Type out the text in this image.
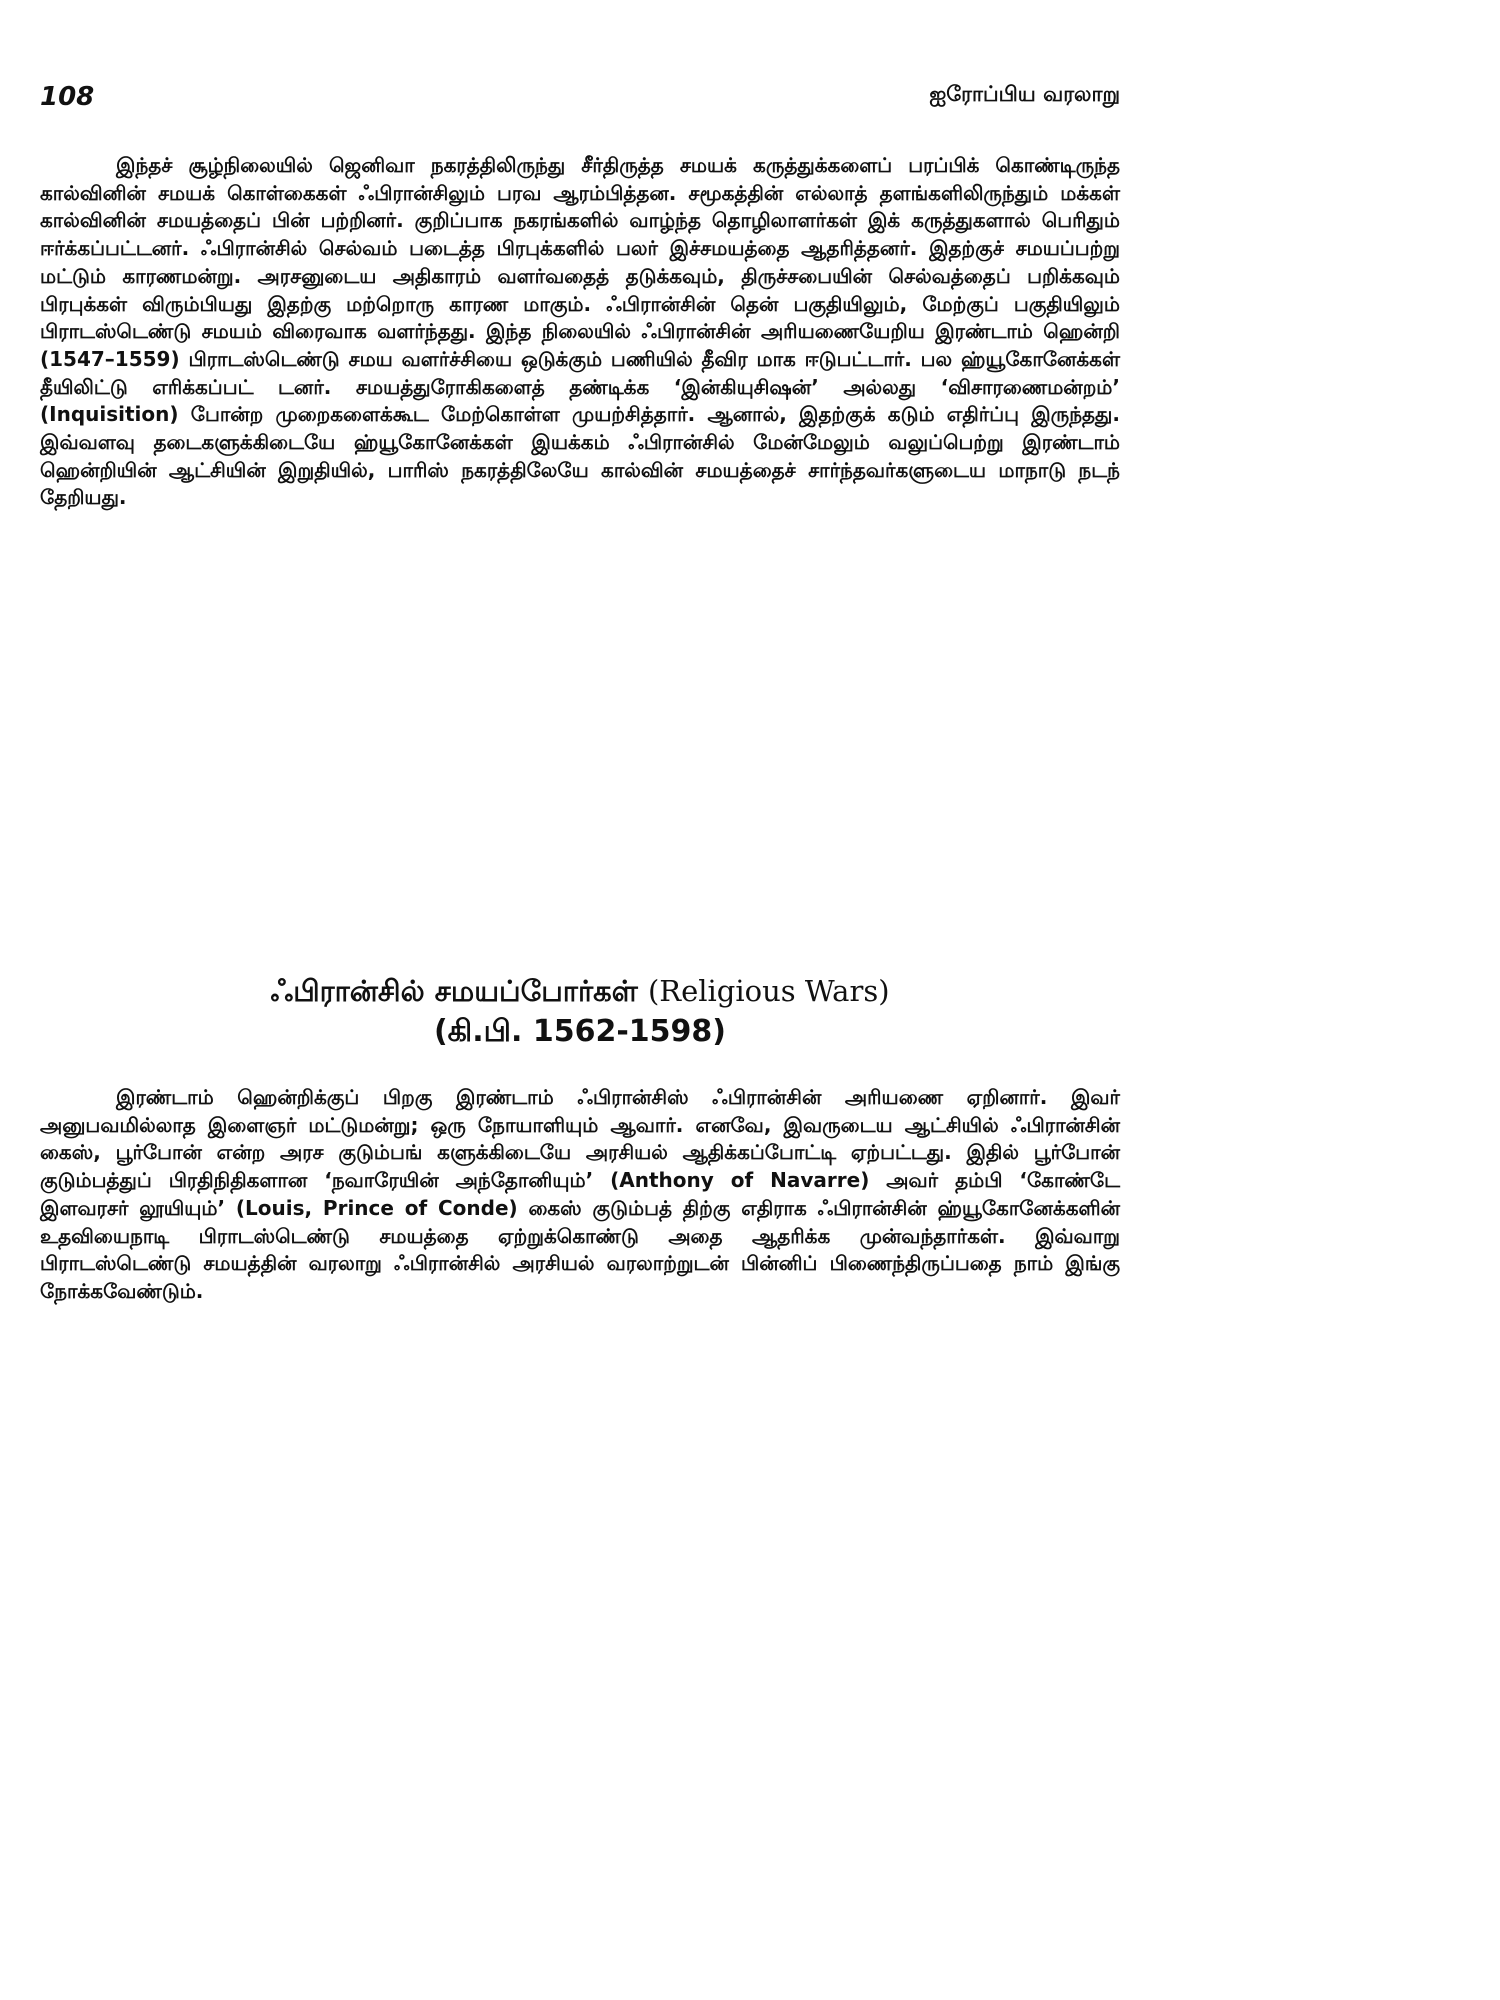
108	ஐரோப்பிய வரலாறு

இந்தச் சூழ்நிலையில் ஜெனிவா நகரத்திலிருந்து சீர்திருத்த சமயக் கருத்துக்களைப் பரப்பிக் கொண்டிருந்த கால்வினின் சமயக் கொள்கைகள் ஃபிரான்சிலும் பரவ ஆரம்பித்தன. சமூகத்தின் எல்லாத் தளங்களிலிருந்தும் மக்கள் கால்வினின் சமயத்தைப் பின் பற்றினர். குறிப்பாக நகரங்களில் வாழ்ந்த தொழிலாளர்கள் இக் கருத்துகளால் பெரிதும் ஈர்க்கப்பட்டனர். ஃபிரான்சில் செல்வம் படைத்த பிரபுக்களில் பலர் இச்சமயத்தை ஆதரித்தனர். இதற்குச் சமயப்பற்று மட்டும் காரணமன்று. அரசனுடைய அதிகாரம் வளர்வதைத் தடுக்கவும், திருச்சபையின் செல்வத்தைப் பறிக்கவும் பிரபுக்கள் விரும்பியது இதற்கு மற்றொரு காரண மாகும். ஃபிரான்சின் தென் பகுதியிலும், மேற்குப் பகுதியிலும் பிராடஸ்டெண்டு சமயம் விரைவாக வளர்ந்தது. இந்த நிலையில் ஃபிரான்சின் அரியணையேறிய இரண்டாம் ஹென்றி (1547–1559) பிராடஸ்டெண்டு சமய வளர்ச்சியை ஒடுக்கும் பணியில் தீவிர மாக ஈடுபட்டார். பல ஹ்யூகோனேக்கள் தீயிலிட்டு எரிக்கப்பட் டனர். சமயத்துரோகிகளைத் தண்டிக்க ‘இன்கியுசிஷன்’ அல்லது ‘விசாரணைமன்றம்’ (Inquisition) போன்ற முறைகளைக்கூட மேற்கொள்ள முயற்சித்தார். ஆனால், இதற்குக் கடும் எதிர்ப்பு இருந்தது. இவ்வளவு தடைகளுக்கிடையே ஹ்யூகோனேக்கள் இயக்கம் ஃபிரான்சில் மேன்மேலும் வலுப்பெற்று இரண்டாம் ஹென்றியின் ஆட்சியின் இறுதியில், பாரிஸ் நகரத்திலேயே கால்வின் சமயத்தைச் சார்ந்தவர்களுடைய மாநாடு நடந் தேறியது.

ஃபிரான்சில் சமயப்போர்கள் (Religious Wars)
(கி.பி. 1562-1598)

இரண்டாம் ஹென்றிக்குப் பிறகு இரண்டாம் ஃபிரான்சிஸ் ஃபிரான்சின் அரியணை ஏறினார். இவர் அனுபவமில்லாத இளைஞர் மட்டுமன்று; ஒரு நோயாளியும் ஆவார். எனவே, இவருடைய ஆட்சியில் ஃபிரான்சின் கைஸ், பூர்போன் என்ற அரச குடும்பங் களுக்கிடையே அரசியல் ஆதிக்கப்போட்டி ஏற்பட்டது. இதில் பூர்போன் குடும்பத்துப் பிரதிநிதிகளான ‘நவாரேயின் அந்தோனியும்’ (Anthony of Navarre) அவர் தம்பி ‘கோண்டே இளவரசர் லூயியும்’ (Louis, Prince of Conde) கைஸ் குடும்பத் திற்கு எதிராக ஃபிரான்சின் ஹ்யூகோனேக்களின் உதவியைநாடி பிராடஸ்டெண்டு சமயத்தை ஏற்றுக்கொண்டு அதை ஆதரிக்க முன்வந்தார்கள். இவ்வாறு பிராடஸ்டெண்டு சமயத்தின் வரலாறு ஃபிரான்சில் அரசியல் வரலாற்றுடன் பின்னிப் பிணைந்திருப்பதை நாம் இங்கு நோக்கவேண்டும்.
